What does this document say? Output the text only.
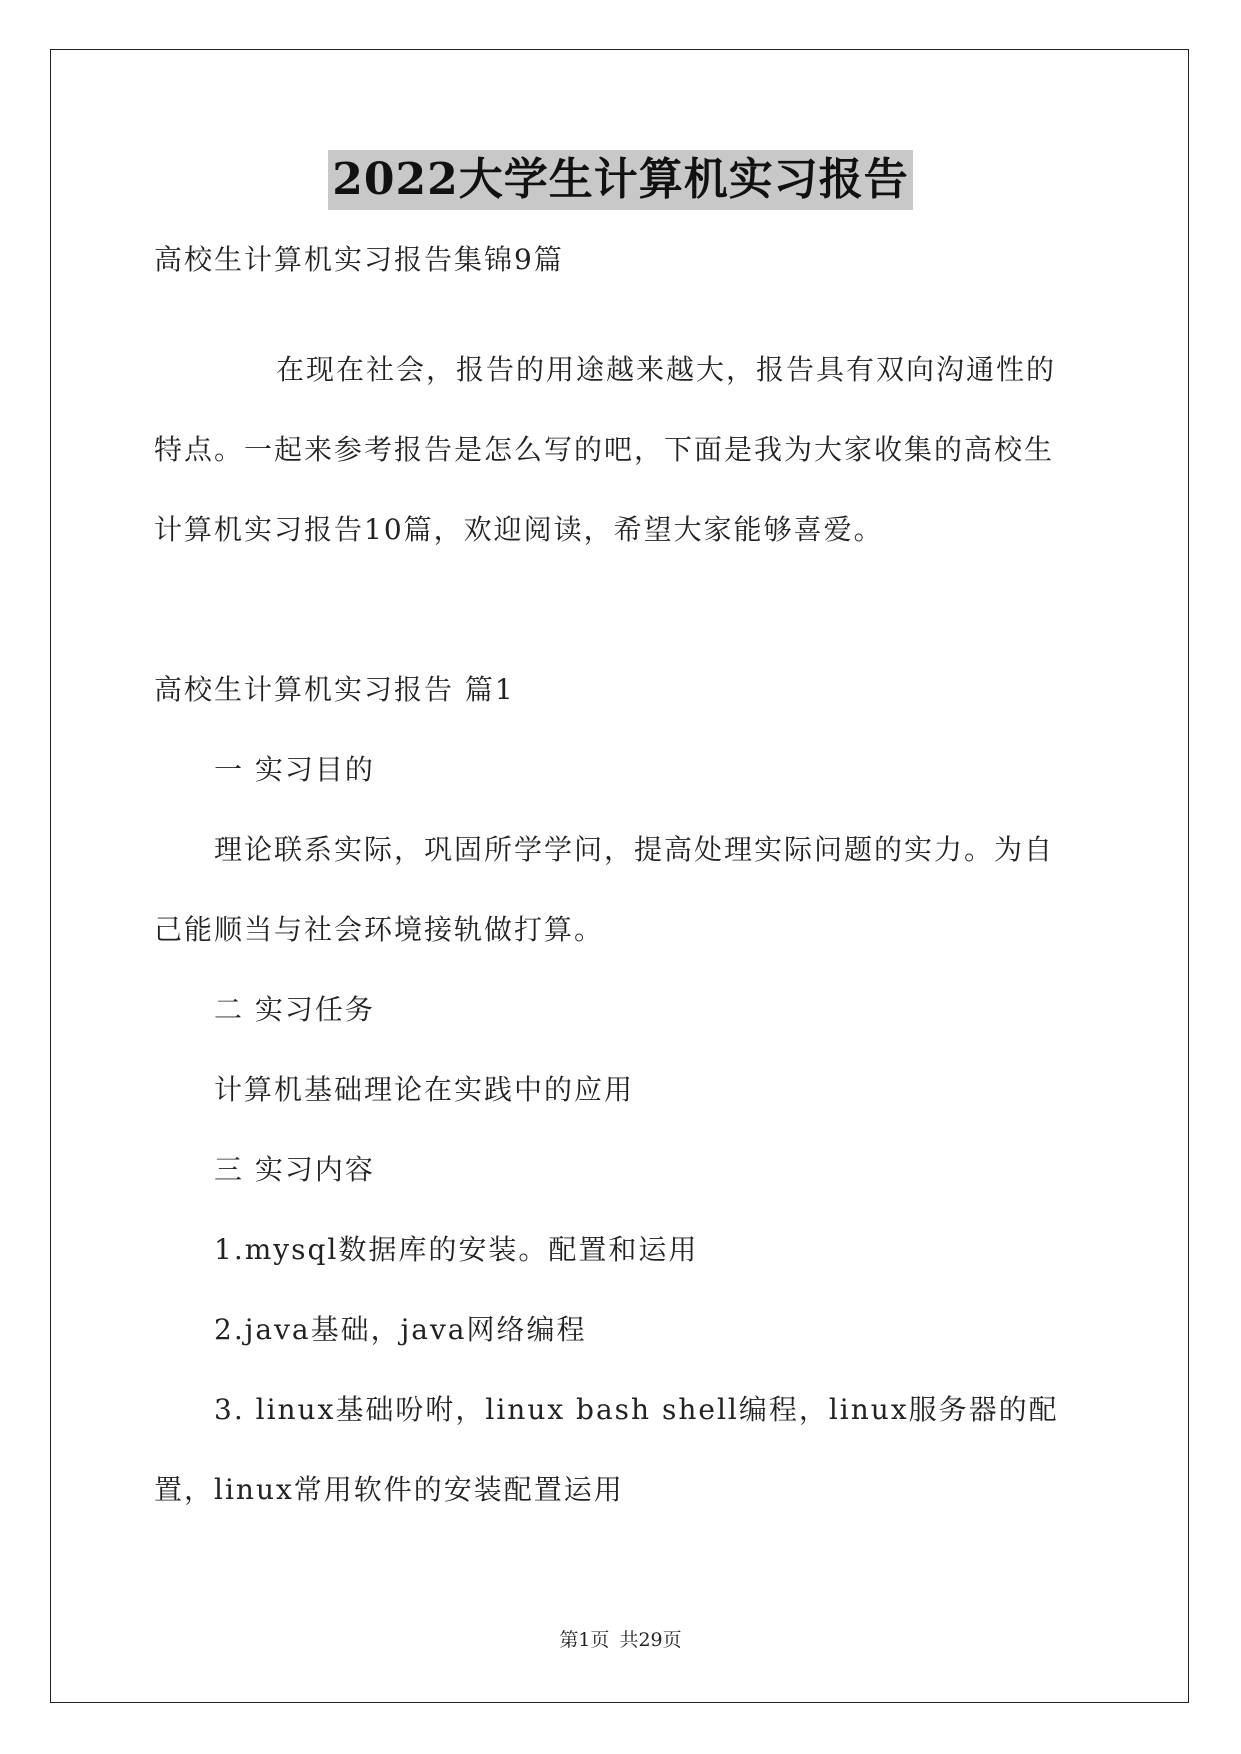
2022大学生计算机实习报告
高校生计算机实习报告集锦9篇
在现在社会，报告的用途越来越大，报告具有双向沟通性的
特点。一起来参考报告是怎么写的吧，下面是我为大家收集的高校生
计算机实习报告10篇，欢迎阅读，希望大家能够喜爱。
高校生计算机实习报告 篇1
一 实习目的
理论联系实际，巩固所学学问，提高处理实际问题的实力。为自
己能顺当与社会环境接轨做打算。
二 实习任务
计算机基础理论在实践中的应用
三 实习内容
1.mysql数据库的安装。配置和运用
2.java基础，java网络编程
3. linux基础吩咐，linux bash shell编程，linux服务器的配
置，linux常用软件的安装配置运用
第1页 共29页
